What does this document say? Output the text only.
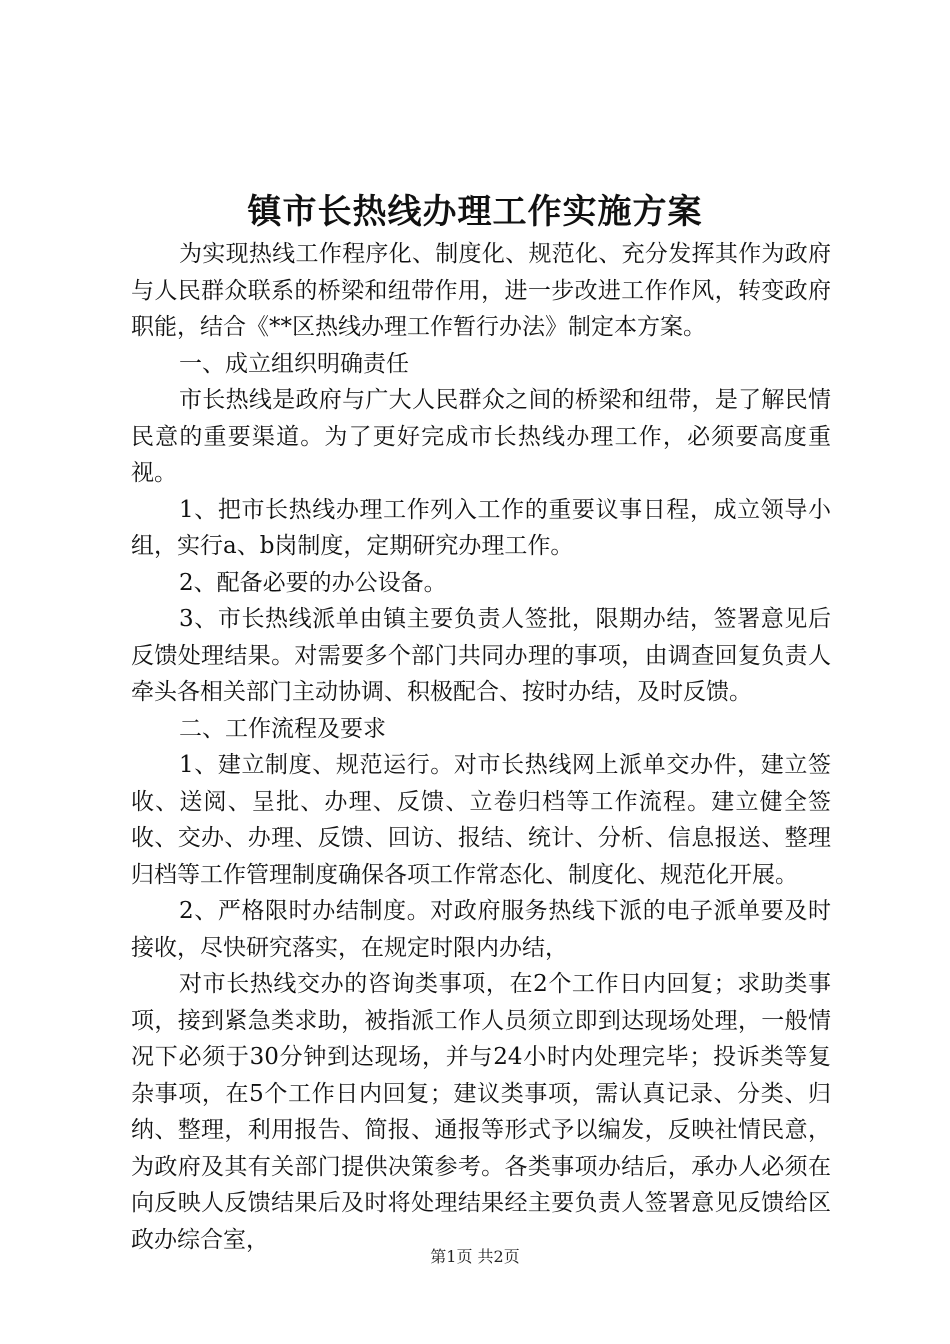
镇市长热线办理工作实施方案

为实现热线工作程序化、制度化、规范化、充分发挥其作为政府与人民群众联系的桥梁和纽带作用，进一步改进工作作风，转变政府职能，结合《**区热线办理工作暂行办法》制定本方案。

一、成立组织明确责任

市长热线是政府与广大人民群众之间的桥梁和纽带，是了解民情民意的重要渠道。为了更好完成市长热线办理工作，必须要高度重视。

1、把市长热线办理工作列入工作的重要议事日程，成立领导小组，实行a、b岗制度，定期研究办理工作。

2、配备必要的办公设备。

3、市长热线派单由镇主要负责人签批，限期办结，签署意见后反馈处理结果。对需要多个部门共同办理的事项，由调查回复负责人牵头各相关部门主动协调、积极配合、按时办结，及时反馈。

二、工作流程及要求

1、建立制度、规范运行。对市长热线网上派单交办件，建立签收、送阅、呈批、办理、反馈、立卷归档等工作流程。建立健全签收、交办、办理、反馈、回访、报结、统计、分析、信息报送、整理归档等工作管理制度确保各项工作常态化、制度化、规范化开展。

2、严格限时办结制度。对政府服务热线下派的电子派单要及时接收，尽快研究落实，在规定时限内办结，

对市长热线交办的咨询类事项，在2个工作日内回复；求助类事项，接到紧急类求助，被指派工作人员须立即到达现场处理，一般情况下必须于30分钟到达现场，并与24小时内处理完毕；投诉类等复杂事项，在5个工作日内回复；建议类事项，需认真记录、分类、归纳、整理，利用报告、简报、通报等形式予以编发，反映社情民意，为政府及其有关部门提供决策参考。各类事项办结后，承办人必须在向反映人反馈结果后及时将处理结果经主要负责人签署意见反馈给区政办综合室，

第1页 共2页
